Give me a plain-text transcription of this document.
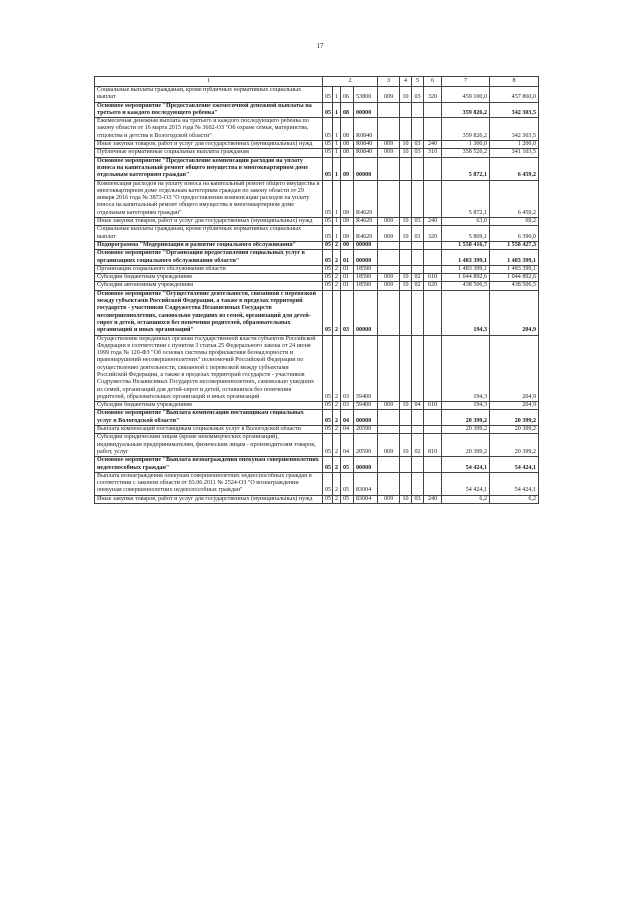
17
1	2				3	4	5	6	7	8
Социальные выплаты гражданам, кроме публичных нормативных социальных выплат	05	1	06	53800	009	10	03	320	459 100,0	457 860,0
Основное мероприятие "Предоставление ежемесячной денежной выплаты на третьего и каждого последующего ребенка"	05	1	08	00000					359 826,2	342 303,5
Ежемесячная денежная выплата на третьего и каждого последующего ребенка по закону области от 16 марта 2015 года № 3602-ОЗ "Об охране семьи, материнства, отцовства и детства в Вологодской области"	05	1	08	R0840					359 826,2	342 303,5
Иные закупки товаров, работ и услуг для государственных (муниципальных) нужд	05	1	08	R0840	009	10	03	240	1 300,0	1 200,0
Публичные нормативные социальные выплаты гражданам	05	1	08	R0840	009	10	03	310	358 526,2	341 103,5
Основное мероприятие "Предоставление компенсации расходов на уплату взноса на капитальный ремонт общего имущества в многоквартирном доме отдельным категориям граждан"	05	1	09	00000					5 872,1	6 459,2
Компенсация расходов на уплату взноса на капитальный ремонт общего имущества в многоквартирном доме отдельным категориям граждан по закону области от 29 января 2016 года № 3873-ОЗ "О предоставлении компенсации расходов на уплату взноса на капитальный ремонт общего имущества в многоквартирном доме отдельным категориям граждан"	05	1	09	R4620					5 872,1	6 459,2
Иные закупки товаров, работ и услуг для государственных (муниципальных) нужд	05	1	09	R4620	009	10	03	240	63,0	69,2
Социальные выплаты гражданам, кроме публичных нормативных социальных выплат	05	1	09	R4620	009	10	03	320	5 809,1	6 390,0
Подпрограмма "Модернизация и развитие социального обслуживания"	05	2	00	00000					1 558 416,7	1 558 427,3
Основное мероприятие "Организация предоставления социальных услуг в организациях социального обслуживания области"	05	2	01	00000					1 483 399,1	1 483 399,1
Организации социального обслуживания области	05	2	01	18590					1 483 399,1	1 483 399,1
Субсидии бюджетным учреждениям	05	2	01	18590	009	10	02	610	1 044 892,6	1 044 892,6
Субсидии автономным учреждениям	05	2	01	18590	009	10	02	620	438 506,5	438 506,5
Основное мероприятие "Осуществление деятельности, связанной с перевозкой между субъектами Российской Федерации, а также в пределах территорий государств - участников Содружества Независимых Государств несовершеннолетних, самовольно ушедших из семей, организаций для детей-сирот и детей, оставшихся без попечения родителей, образовательных организаций и иных организаций"	05	2	03	00000					194,3	204,9
Осуществление переданных органам государственной власти субъектов Российской Федерации в соответствии с пунктом 3 статьи 25 Федерального закона от 24 июня 1999 года № 120-ФЗ "Об основах системы профилактики безнадзорности и правонарушений несовершеннолетних" полномочий Российской Федерации по осуществлению деятельности, связанной с перевозкой между субъектами Российской Федерации, а также в пределах территорий государств - участников Содружества Независимых Государств несовершеннолетних, самовольно ушедших из семей, организаций для детей-сирот и детей, оставшихся без попечения родителей, образовательных организаций и иных организаций	05	2	03	59400					194,3	204,9
Субсидии бюджетным учреждениям	05	2	03	59400	009	10	04	610	194,3	204,9
Основное мероприятие "Выплата компенсации поставщикам социальных услуг в Вологодской области"	05	2	04	00000					20 399,2	20 399,2
Выплата компенсаций поставщикам социальных услуг в Вологодской области	05	2	04	20590					20 399,2	20 399,2
Субсидии юридическим лицам (кроме некоммерческих организаций), индивидуальным предпринимателям, физическим лицам - производителям товаров, работ, услуг	05	2	04	20590	009	10	02	810	20 399,2	20 399,2
Основное мероприятие "Выплата вознаграждения опекунам совершеннолетних недееспособных граждан"	05	2	05	00000					54 424,1	54 424,1
Выплата вознаграждения опекунам совершеннолетних недееспособных граждан в соответствии с законом области от 03.06.2011 № 2524-ОЗ "О вознаграждении опекунам совершеннолетних недееспособных граждан"	05	2	05	83004					54 424,1	54 424,1
Иные закупки товаров, работ и услуг для государственных (муниципальных) нужд	05	2	05	83004	009	10	03	240	6,2	6,2
